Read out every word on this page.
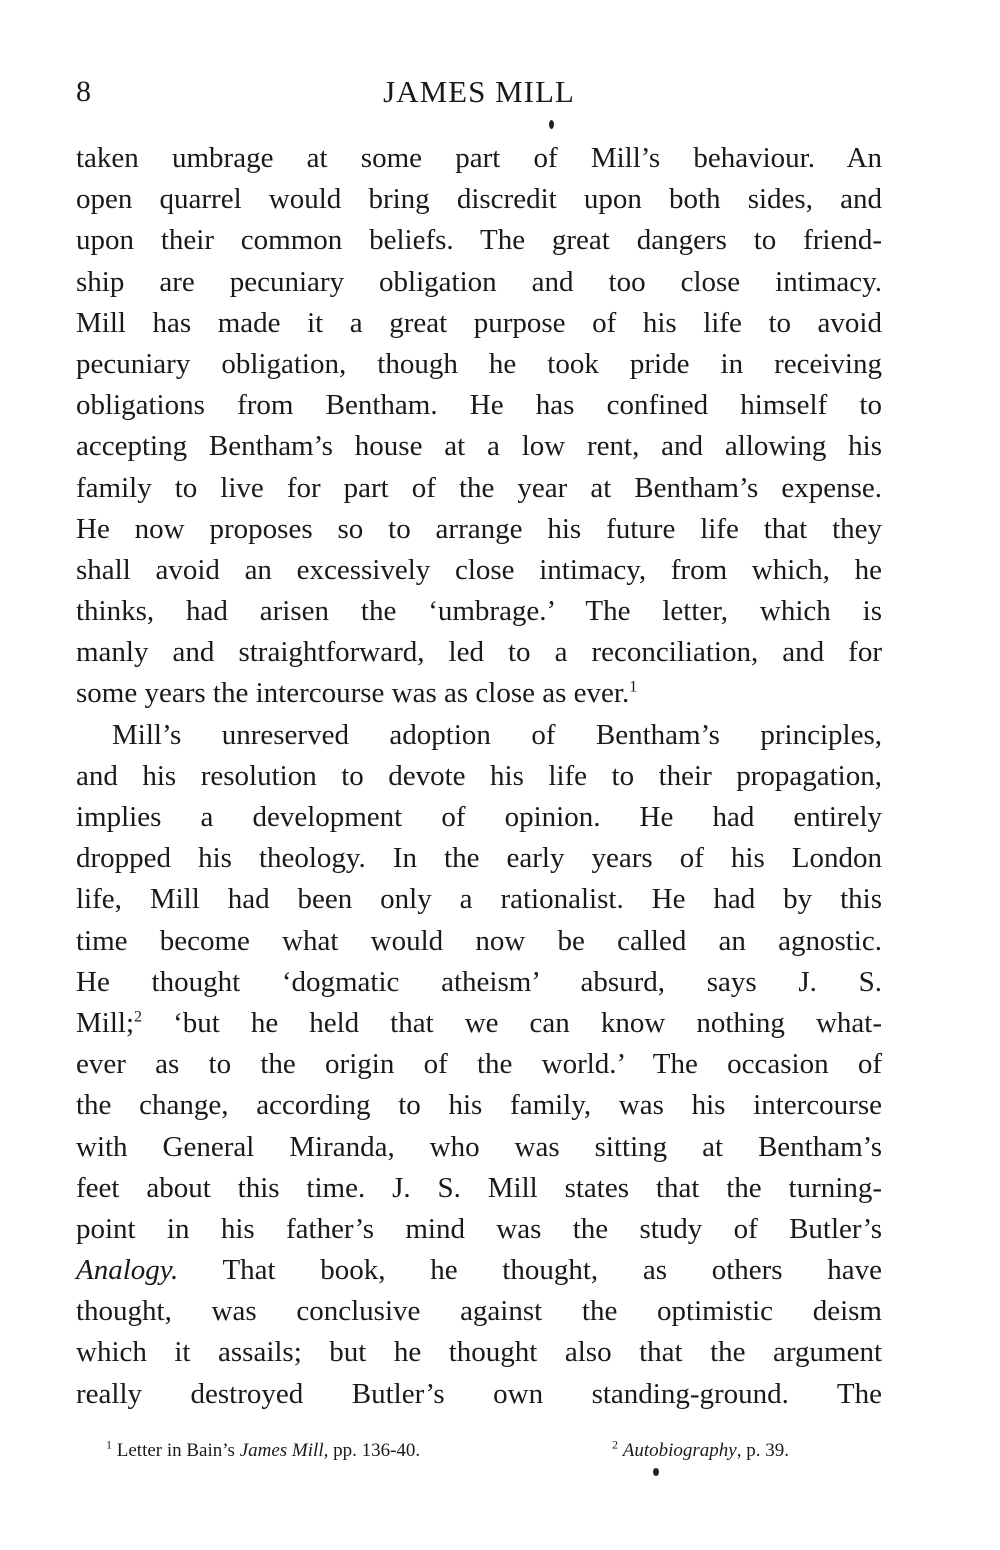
8	JAMES MILL
taken umbrage at some part of Mill’s behaviour. An
open quarrel would bring discredit upon both sides, and
upon their common beliefs. The great dangers to friend-
ship are pecuniary obligation and too close intimacy.
Mill has made it a great purpose of his life to avoid
pecuniary obligation, though he took pride in receiving
obligations from Bentham. He has confined himself to
accepting Bentham’s house at a low rent, and allowing his
family to live for part of the year at Bentham’s expense.
He now proposes so to arrange his future life that they
shall avoid an excessively close intimacy, from which, he
thinks, had arisen the ‘umbrage.’ The letter, which is
manly and straightforward, led to a reconciliation, and for
some years the intercourse was as close as ever.$^1$
Mill’s unreserved adoption of Bentham’s principles,
and his resolution to devote his life to their propagation,
implies a development of opinion. He had entirely
dropped his theology. In the early years of his London
life, Mill had been only a rationalist. He had by this
time become what would now be called an agnostic.
He thought ‘dogmatic atheism’ absurd, says J. S.
Mill;$^2$ ‘but he held that we can know nothing what-
ever as to the origin of the world.’ The occasion of
the change, according to his family, was his intercourse
with General Miranda, who was sitting at Bentham’s
feet about this time. J. S. Mill states that the turning-
point in his father’s mind was the study of Butler’s
Analogy. That book, he thought, as others have
thought, was conclusive against the optimistic deism
which it assails; but he thought also that the argument
really destroyed Butler’s own standing-ground. The
$^1$ Letter in Bain’s James Mill, pp. 136-40.	$^2$ Autobiography, p. 39.
